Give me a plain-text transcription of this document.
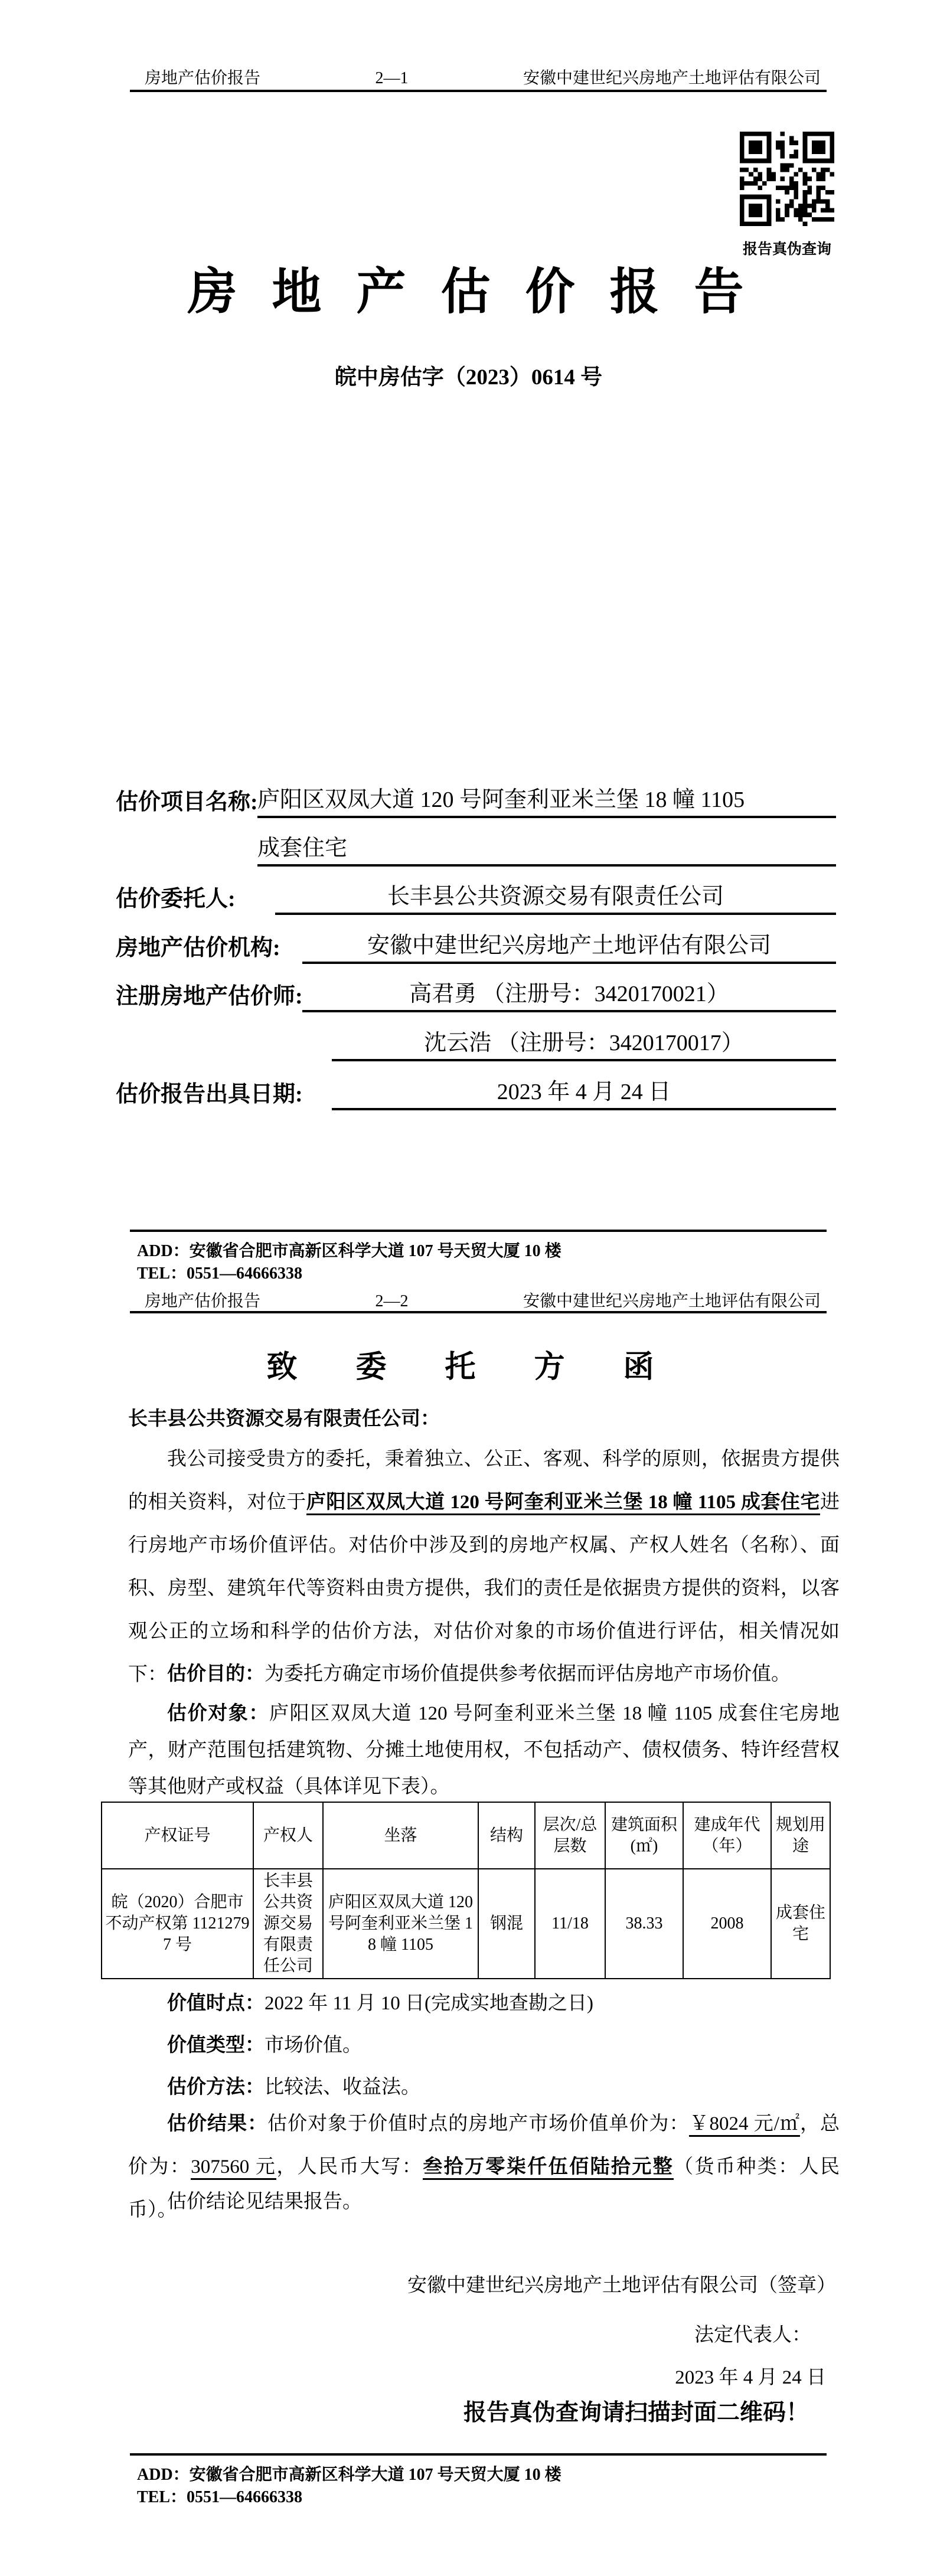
房地产估价报告	2—1	安徽中建世纪兴房地产土地评估有限公司
报告真伪查询
房 地 产 估 价 报 告
皖中房估字（2023）0614 号
估价项目名称: 庐阳区双凤大道 120 号阿奎利亚米兰堡 18 幢 1105
成套住宅
估价委托人:	长丰县公共资源交易有限责任公司
房地产估价机构:	安徽中建世纪兴房地产土地评估有限公司
注册房地产估价师:	高君勇 （注册号：3420170021）
沈云浩 （注册号：3420170017）
估价报告出具日期:	2023 年 4 月 24 日
ADD：安徽省合肥市高新区科学大道 107 号天贸大厦 10 楼
TEL：0551—64666338
房地产估价报告	2—2	安徽中建世纪兴房地产土地评估有限公司
致 委 托 方 函
长丰县公共资源交易有限责任公司：
我公司接受贵方的委托，秉着独立、公正、客观、科学的原则，依据贵方提供的相关资料，对位于庐阳区双凤大道 120 号阿奎利亚米兰堡 18 幢 1105 成套住宅进行房地产市场价值评估。对估价中涉及到的房地产权属、产权人姓名（名称）、面积、房型、建筑年代等资料由贵方提供，我们的责任是依据贵方提供的资料，以客观公正的立场和科学的估价方法，对估价对象的市场价值进行评估，相关情况如下： 估价目的：为委托方确定市场价值提供参考依据而评估房地产市场价值。
估价对象：庐阳区双凤大道 120 号阿奎利亚米兰堡 18 幢 1105 成套住宅房地产，财产范围包括建筑物、分摊土地使用权，不包括动产、债权债务、特许经营权等其他财产或权益（具体详见下表）。
产权证号	产权人	坐落	结构	层次/总层数	建筑面积(㎡)	建成年代（年）	规划用途
皖（2020）合肥市不动产权第 11212797 号	长丰县公共资源交易有限责任公司	庐阳区双凤大道 120 号阿奎利亚米兰堡 18 幢 1105	钢混	11/18	38.33	2008	成套住宅
价值时点：2022 年 11 月 10 日(完成实地查勘之日)
价值类型：市场价值。
估价方法：比较法、收益法。
估价结果：估价对象于价值时点的房地产市场价值单价为：￥8024 元/㎡，总价为：307560 元，人民币大写：叁拾万零柒仟伍佰陆拾元整（货币种类：人民币）。
估价结论见结果报告。
安徽中建世纪兴房地产土地评估有限公司（签章）
法定代表人：
2023 年 4 月 24 日
报告真伪查询请扫描封面二维码！
ADD：安徽省合肥市高新区科学大道 107 号天贸大厦 10 楼
TEL：0551—64666338
